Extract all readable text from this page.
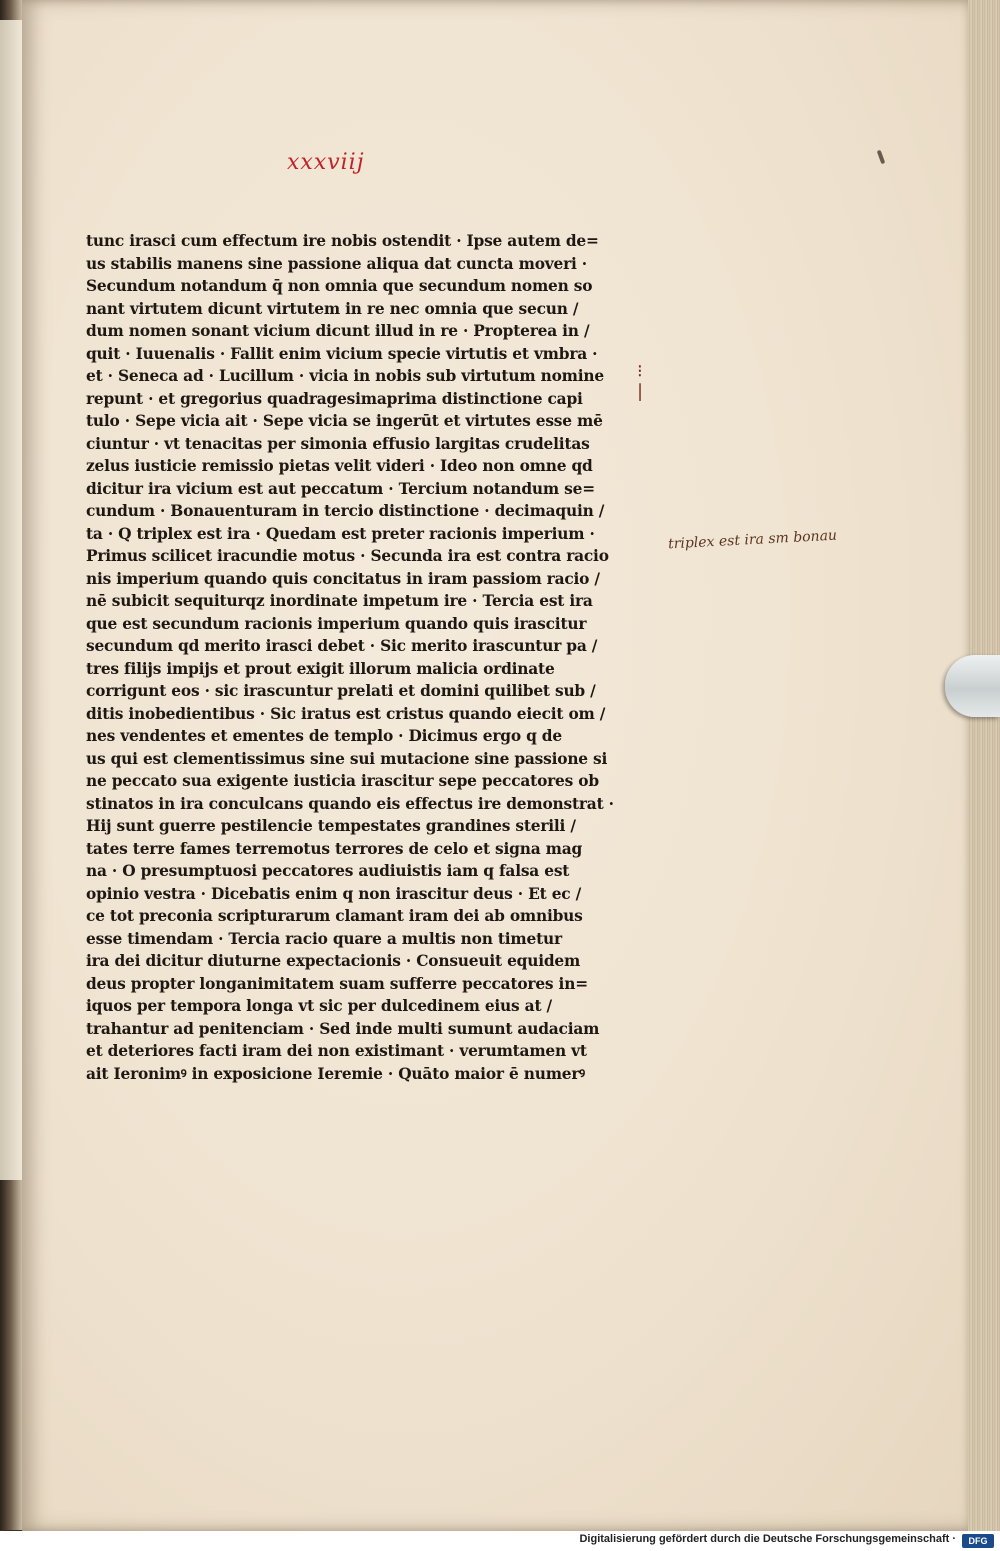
xxxviij
tunc irasci cum effectum ire nobis ostendit · Ipse autem de=
us stabilis manens sine passione aliqua dat cuncta moveri ·
Secundum notandum q̄ non omnia que secundum nomen so
nant virtutem dicunt virtutem in re nec omnia que secun /
dum nomen sonant vicium dicunt illud in re · Propterea in /
quit · Iuuenalis · Fallit enim vicium specie virtutis et vmbra ·
et · Seneca ad · Lucillum · vicia in nobis sub virtutum nomine
repunt · et gregorius quadragesimaprima distinctione capi
tulo · Sepe vicia ait · Sepe vicia se ingerūt et virtutes esse mē
ciuntur · vt tenacitas per simonia effusio largitas crudelitas
zelus iusticie remissio pietas velit videri · Ideo non omne qd
dicitur ira vicium est aut peccatum · Tercium notandum se=
cundum · Bonauenturam in tercio distinctione · decimaquin /
ta · Q triplex est ira · Quedam est preter racionis imperium ·
Primus scilicet iracundie motus · Secunda ira est contra racio
nis imperium quando quis concitatus in iram passiom racio /
nē subicit sequiturqz inordinate impetum ire · Tercia est ira
que est secundum racionis imperium quando quis irascitur
secundum qd merito irasci debet · Sic merito irascuntur pa /
tres filijs impijs et prout exigit illorum malicia ordinate
corrigunt eos · sic irascuntur prelati et domini quilibet sub /
ditis inobedientibus · Sic iratus est cristus quando eiecit om /
nes vendentes et ementes de templo · Dicimus ergo q de
us qui est clementissimus sine sui mutacione sine passione si
ne peccato sua exigente iusticia irascitur sepe peccatores ob
stinatos in ira conculcans quando eis effectus ire demonstrat ·
Hij sunt guerre pestilencie tempestates grandines sterili /
tates terre fames terremotus terrores de celo et signa mag
na · O presumptuosi peccatores audiuistis iam q falsa est
opinio vestra · Dicebatis enim q non irascitur deus · Et ec /
ce tot preconia scripturarum clamant iram dei ab omnibus
esse timendam · Tercia racio quare a multis non timetur
ira dei dicitur diuturne expectacionis · Consueuit equidem
deus propter longanimitatem suam sufferre peccatores in=
iquos per tempora longa vt sic per dulcedinem eius at /
trahantur ad penitenciam · Sed inde multi sumunt audaciam
et deteriores facti iram dei non existimant · verumtamen vt
ait Ieronimꝰ in exposicione Ieremie · Quāto maior ē numerꝰ
⁝ |
triplex est ira sm bonau
Digitalisierung gefördert durch die Deutsche Forschungsgemeinschaft ·	DFG
